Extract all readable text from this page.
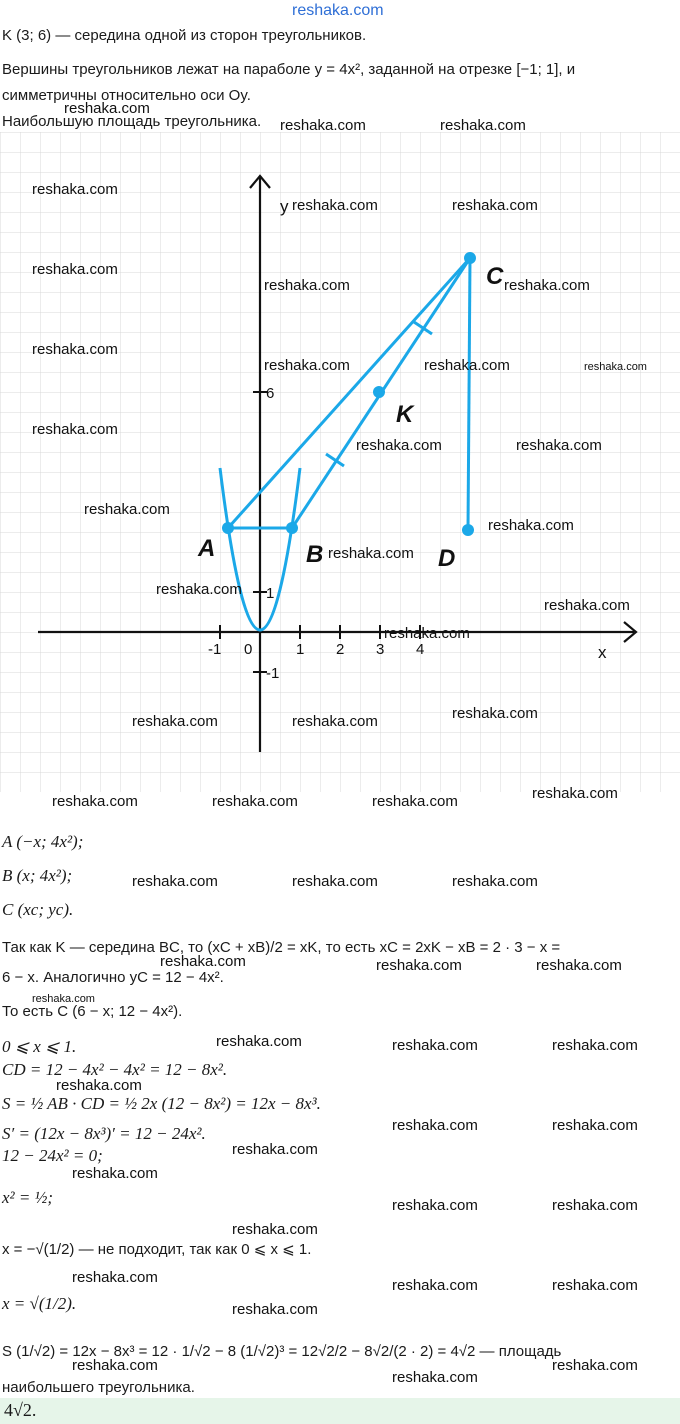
reshaka.com
K (3; 6) — середина одной из сторон треугольников.
Вершины треугольников лежат на параболе y = 4x², заданной на отрезке [−1; 1], и
симметричны относительно оси Oy.
Наибольшую площадь треугольника.
-1 0	1 2 3 4
6
1
-1
x
y
A	B
C
D
K
reshaka.com
reshaka.com	reshaka.com
reshaka.com
reshaka.com	reshaka.com
reshaka.com
reshaka.com	reshaka.com
reshaka.com
reshaka.com	reshaka.com	reshaka.com
reshaka.com
reshaka.com	reshaka.com
reshaka.com
reshaka.com
reshaka.com
reshaka.com
reshaka.com
reshaka.com
reshaka.com	reshaka.com	reshaka.com
reshaka.com	reshaka.com	reshaka.com	reshaka.com
A (−x; 4x²);
B (x; 4x²);
C (xc; yc).
Так как K — середина BC, то (xC + xB)/2 = xK, то есть xC = 2xK − xB = 2 · 3 − x =
6 − x. Аналогично yC = 12 − 4x².
То есть C (6 − x; 12 − 4x²).
0 ⩽ x ⩽ 1.
CD = 12 − 4x² − 4x² = 12 − 8x².
S = ½ AB · CD = ½ 2x (12 − 8x²) = 12x − 8x³.
S′ = (12x − 8x³)′ = 12 − 24x².
12 − 24x² = 0;
x² = ½;
x = −√(1/2) — не подходит, так как 0 ⩽ x ⩽ 1.
x = √(1/2).
S (1/√2) = 12x − 8x³ = 12 · 1/√2 − 8 (1/√2)³ = 12√2/2 − 8√2/(2 · 2) = 4√2 — площадь
наибольшего треугольника.
reshaka.com	reshaka.com	reshaka.com
reshaka.com	reshaka.com	reshaka.com
reshaka.com
reshaka.com	reshaka.com	reshaka.com
reshaka.com
reshaka.com	reshaka.com
reshaka.com
reshaka.com
reshaka.com	reshaka.com
reshaka.com
reshaka.com	reshaka.com	reshaka.com
reshaka.com
reshaka.com	reshaka.com
reshaka.com
4√2.
